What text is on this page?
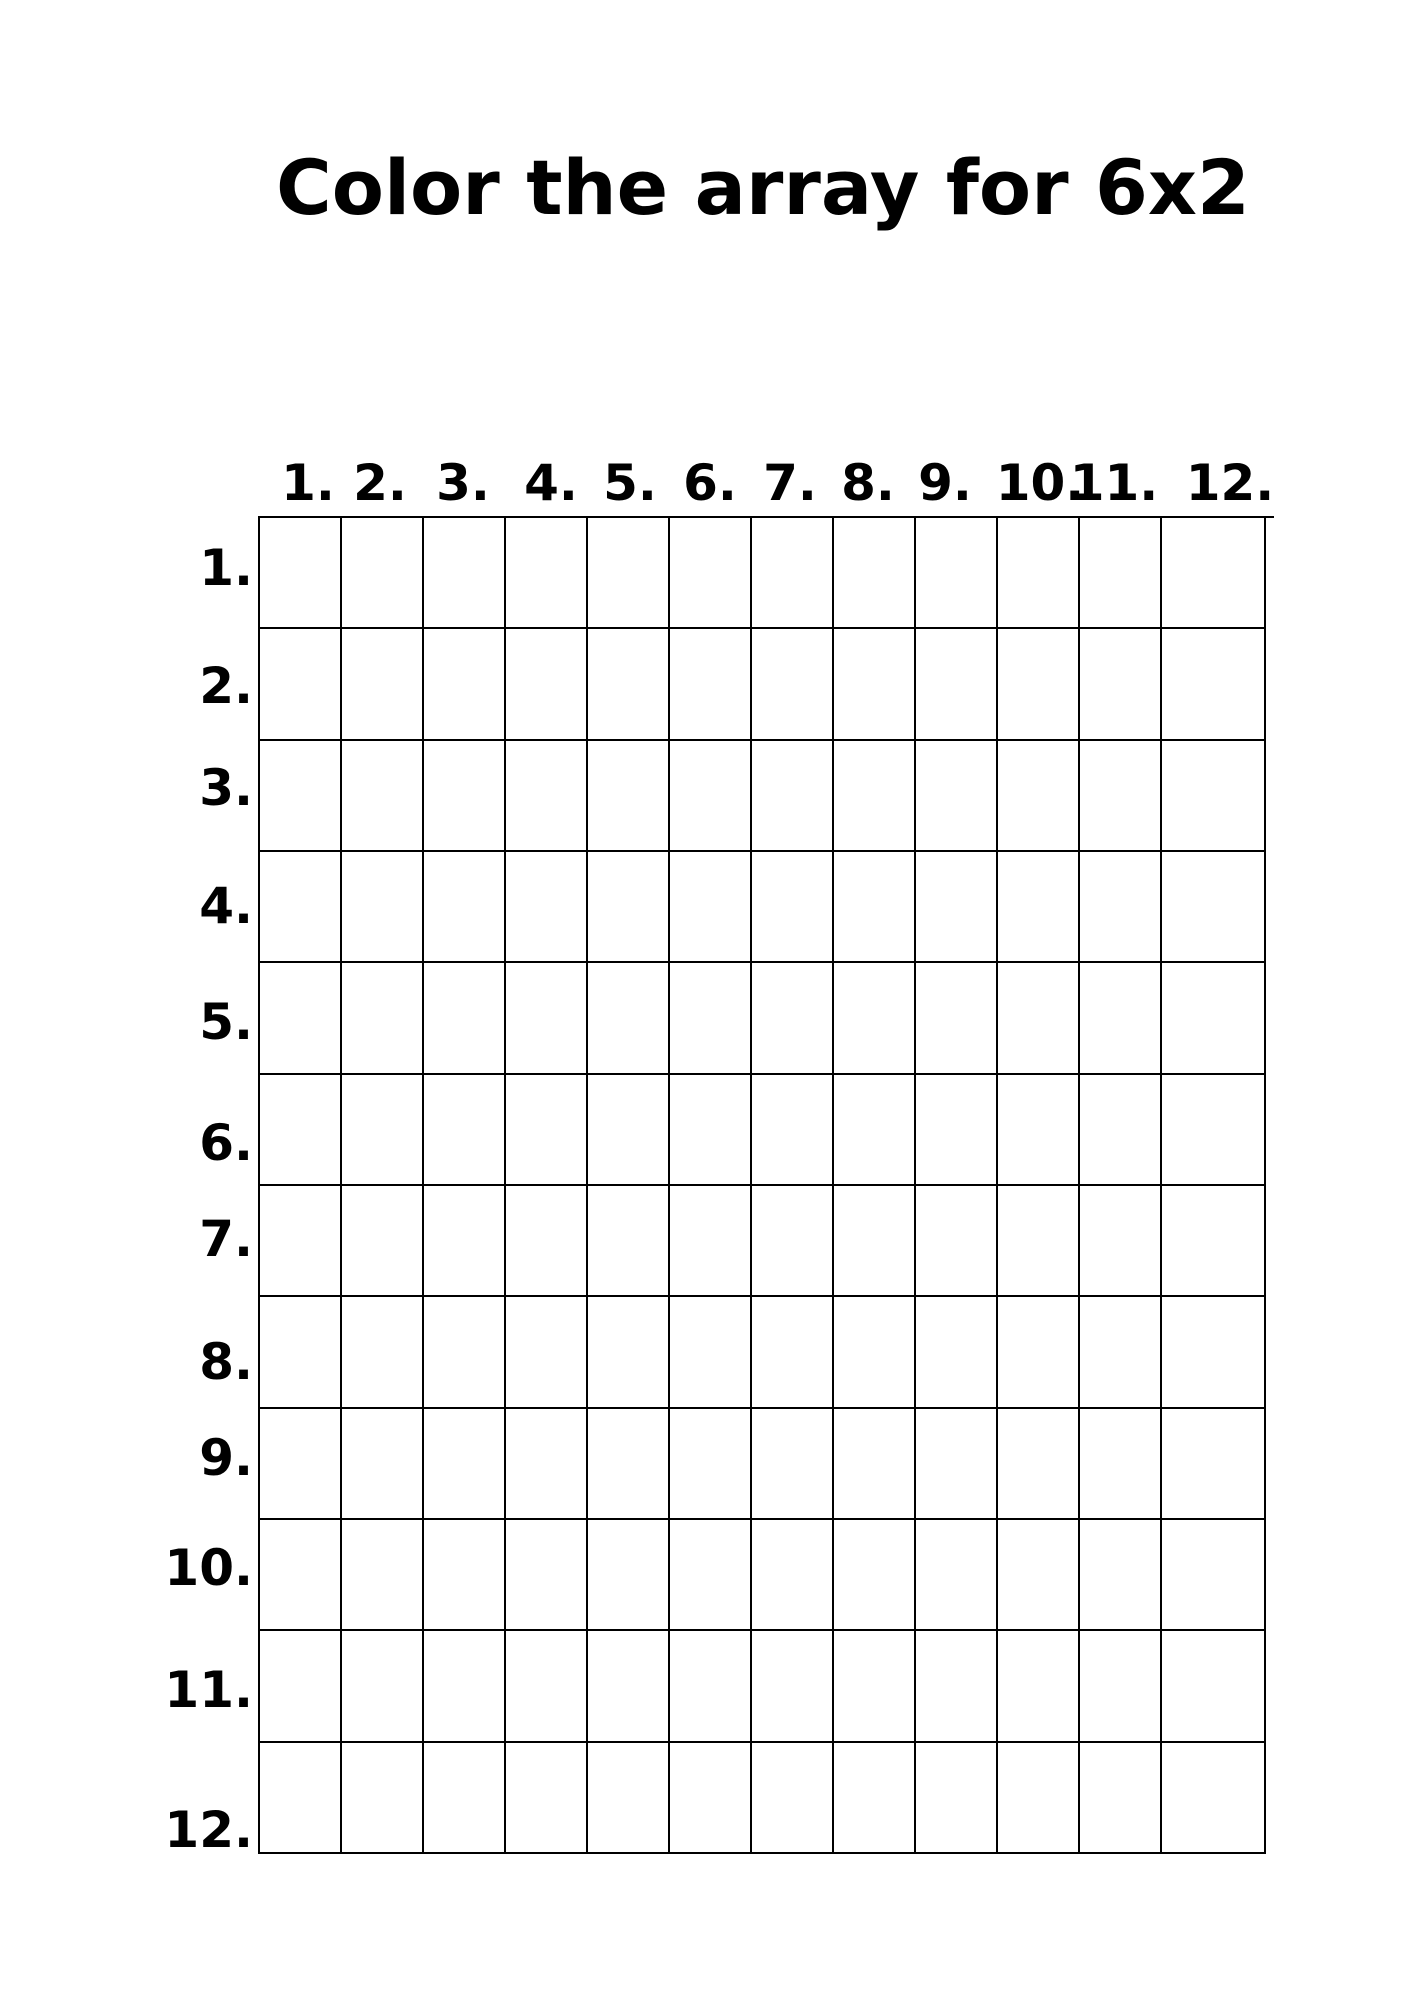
Color the array for 6x2
1. 2. 3. 4. 5. 6. 7. 8. 9. 10.
11. 12.
1.
2.
3.
4.
5.
6.
7.
8.
9.
10.
11.
12.
